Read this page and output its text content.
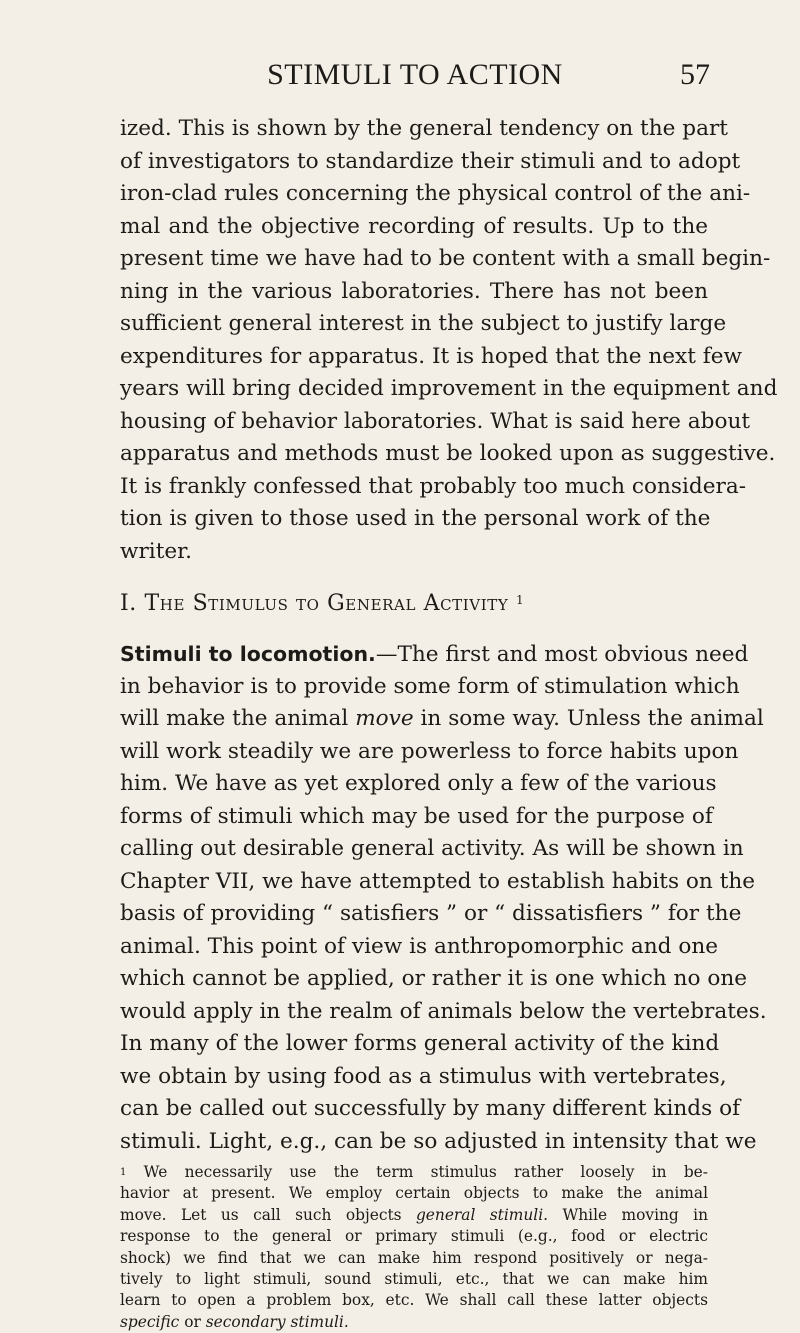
STIMULI TO ACTION	57
ized. This is shown by the general tendency on the part
of investigators to standardize their stimuli and to adopt
iron-clad rules concerning the physical control of the ani-
mal and the objective recording of results. Up to the
present time we have had to be content with a small begin-
ning in the various laboratories. There has not been
sufficient general interest in the subject to justify large
expenditures for apparatus. It is hoped that the next few
years will bring decided improvement in the equipment and
housing of behavior laboratories. What is said here about
apparatus and methods must be looked upon as suggestive.
It is frankly confessed that probably too much considera-
tion is given to those used in the personal work of the
writer.
I. The Stimulus to General Activity $^1$
Stimuli to locomotion.—The first and most obvious need
in behavior is to provide some form of stimulation which
will make the animal move in some way. Unless the animal
will work steadily we are powerless to force habits upon
him. We have as yet explored only a few of the various
forms of stimuli which may be used for the purpose of
calling out desirable general activity. As will be shown in
Chapter VII, we have attempted to establish habits on the
basis of providing “ satisfiers ” or “ dissatisfiers ” for the
animal. This point of view is anthropomorphic and one
which cannot be applied, or rather it is one which no one
would apply in the realm of animals below the vertebrates.
In many of the lower forms general activity of the kind
we obtain by using food as a stimulus with vertebrates,
can be called out successfully by many different kinds of
stimuli. Light, e.g., can be so adjusted in intensity that we
$^1$ We necessarily use the term stimulus rather loosely in be-
havior at present. We employ certain objects to make the animal
move. Let us call such objects general stimuli. While moving in
response to the general or primary stimuli (e.g., food or electric
shock) we find that we can make him respond positively or nega-
tively to light stimuli, sound stimuli, etc., that we can make him
learn to open a problem box, etc. We shall call these latter objects
specific or secondary stimuli.
